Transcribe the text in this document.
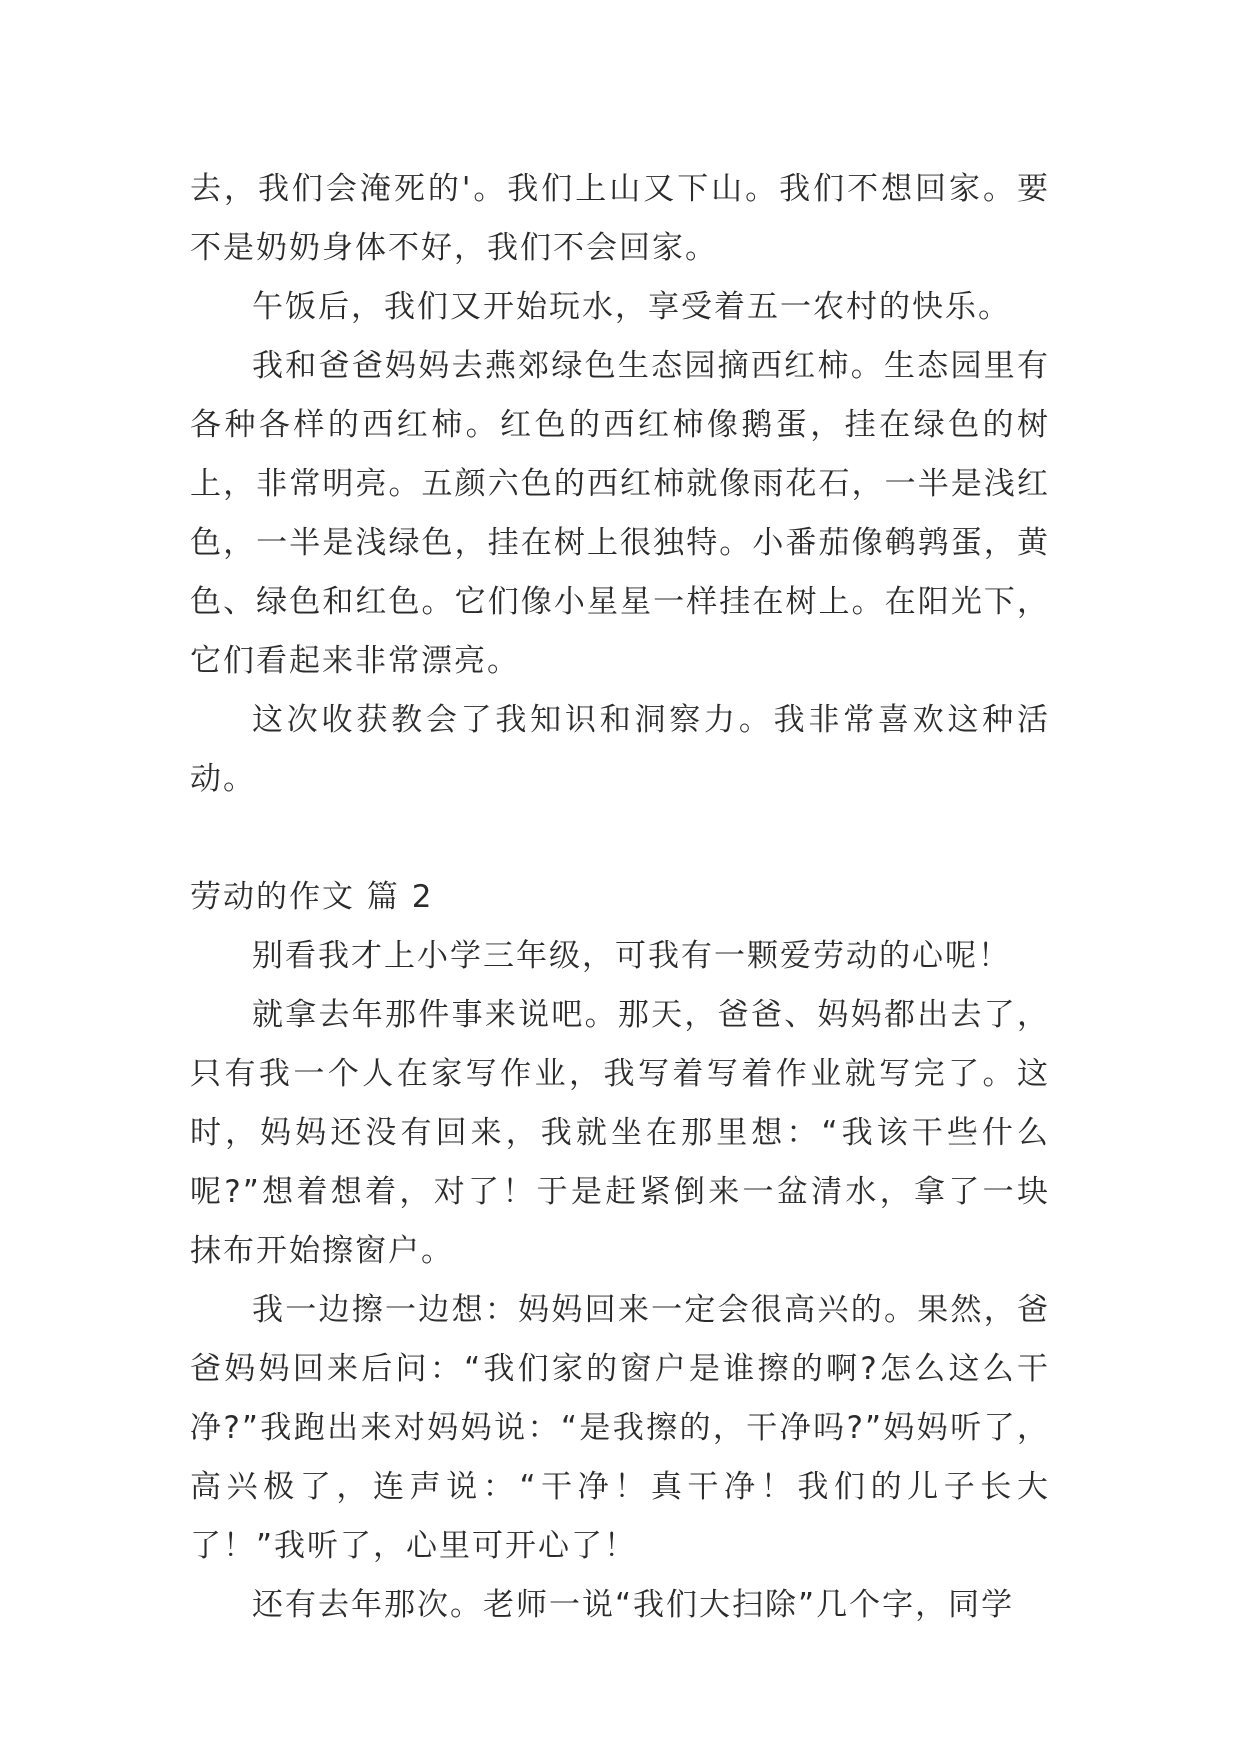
去，我们会淹死的'。我们上山又下山。我们不想回家。要不是奶奶身体不好，我们不会回家。

午饭后，我们又开始玩水，享受着五一农村的快乐。

我和爸爸妈妈去燕郊绿色生态园摘西红柿。生态园里有各种各样的西红柿。红色的西红柿像鹅蛋，挂在绿色的树上，非常明亮。五颜六色的西红柿就像雨花石，一半是浅红色，一半是浅绿色，挂在树上很独特。小番茄像鹌鹑蛋，黄色、绿色和红色。它们像小星星一样挂在树上。在阳光下，它们看起来非常漂亮。

这次收获教会了我知识和洞察力。我非常喜欢这种活动。

劳动的作文 篇 2

别看我才上小学三年级，可我有一颗爱劳动的心呢！

就拿去年那件事来说吧。那天，爸爸、妈妈都出去了，只有我一个人在家写作业，我写着写着作业就写完了。这时，妈妈还没有回来，我就坐在那里想：“我该干些什么呢?”想着想着，对了！于是赶紧倒来一盆清水，拿了一块抹布开始擦窗户。

我一边擦一边想：妈妈回来一定会很高兴的。果然，爸爸妈妈回来后问：“我们家的窗户是谁擦的啊?怎么这么干净?”我跑出来对妈妈说：“是我擦的，干净吗?”妈妈听了，高兴极了，连声说：“干净！真干净！我们的儿子长大了！”我听了，心里可开心了！

还有去年那次。老师一说“我们大扫除”几个字，同学
